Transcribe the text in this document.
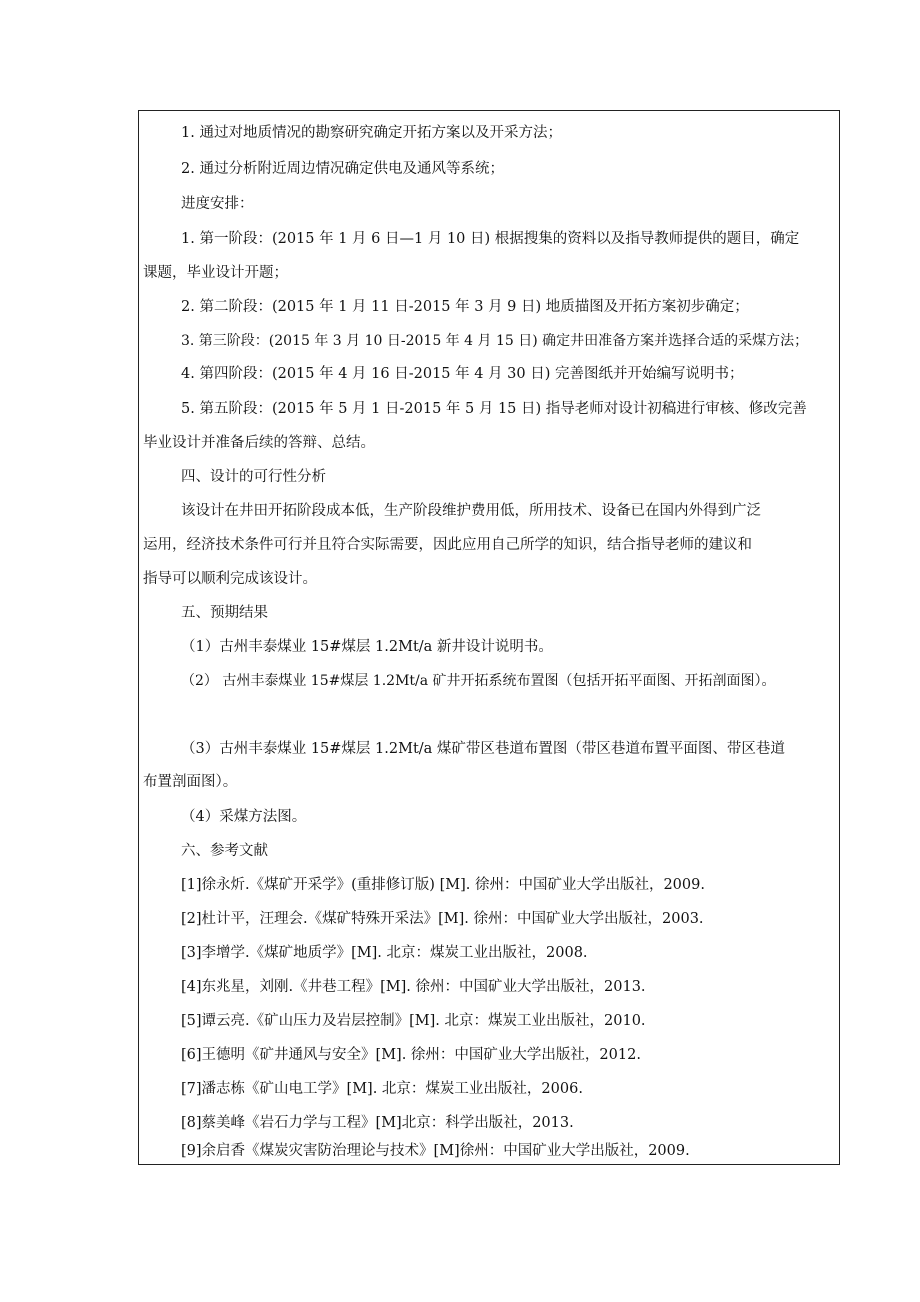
1. 通过对地质情况的勘察研究确定开拓方案以及开采方法；
2. 通过分析附近周边情况确定供电及通风等系统；
进度安排：
1. 第一阶段：(2015 年 1 月 6 日—1 月 10 日) 根据搜集的资料以及指导教师提供的题目，确定
课题，毕业设计开题；
2. 第二阶段：(2015 年 1 月 11 日-2015 年 3 月 9 日) 地质描图及开拓方案初步确定；
3. 第三阶段：(2015 年 3 月 10 日-2015 年 4 月 15 日) 确定井田准备方案并选择合适的采煤方法；
4. 第四阶段：(2015 年 4 月 16 日-2015 年 4 月 30 日) 完善图纸并开始编写说明书；
5. 第五阶段：(2015 年 5 月 1 日-2015 年 5 月 15 日) 指导老师对设计初稿进行审核、修改完善
毕业设计并准备后续的答辩、总结。
四、设计的可行性分析
该设计在井田开拓阶段成本低，生产阶段维护费用低，所用技术、设备已在国内外得到广泛
运用，经济技术条件可行并且符合实际需要，因此应用自己所学的知识，结合指导老师的建议和
指导可以顺利完成该设计。
五、预期结果
（1）古州丰泰煤业 15#煤层 1.2Mt/a 新井设计说明书。
（2） 古州丰泰煤业 15#煤层 1.2Mt/a 矿井开拓系统布置图（包括开拓平面图、开拓剖面图）。
（3）古州丰泰煤业 15#煤层 1.2Mt/a 煤矿带区巷道布置图（带区巷道布置平面图、带区巷道
布置剖面图）。
（4）采煤方法图。
六、参考文献
[1]徐永炘.《煤矿开采学》(重排修订版) [M]. 徐州：中国矿业大学出版社，2009.
[2]杜计平，汪理会.《煤矿特殊开采法》[M]. 徐州：中国矿业大学出版社，2003.
[3]李增学.《煤矿地质学》[M]. 北京：煤炭工业出版社，2008.
[4]东兆星，刘刚.《井巷工程》[M]. 徐州：中国矿业大学出版社，2013.
[5]谭云亮.《矿山压力及岩层控制》[M]. 北京：煤炭工业出版社，2010.
[6]王德明《矿井通风与安全》[M]. 徐州：中国矿业大学出版社，2012.
[7]潘志栋《矿山电工学》[M]. 北京：煤炭工业出版社，2006.
[8]蔡美峰《岩石力学与工程》[M]北京：科学出版社，2013.
[9]余启香《煤炭灾害防治理论与技术》[M]徐州：中国矿业大学出版社，2009.
